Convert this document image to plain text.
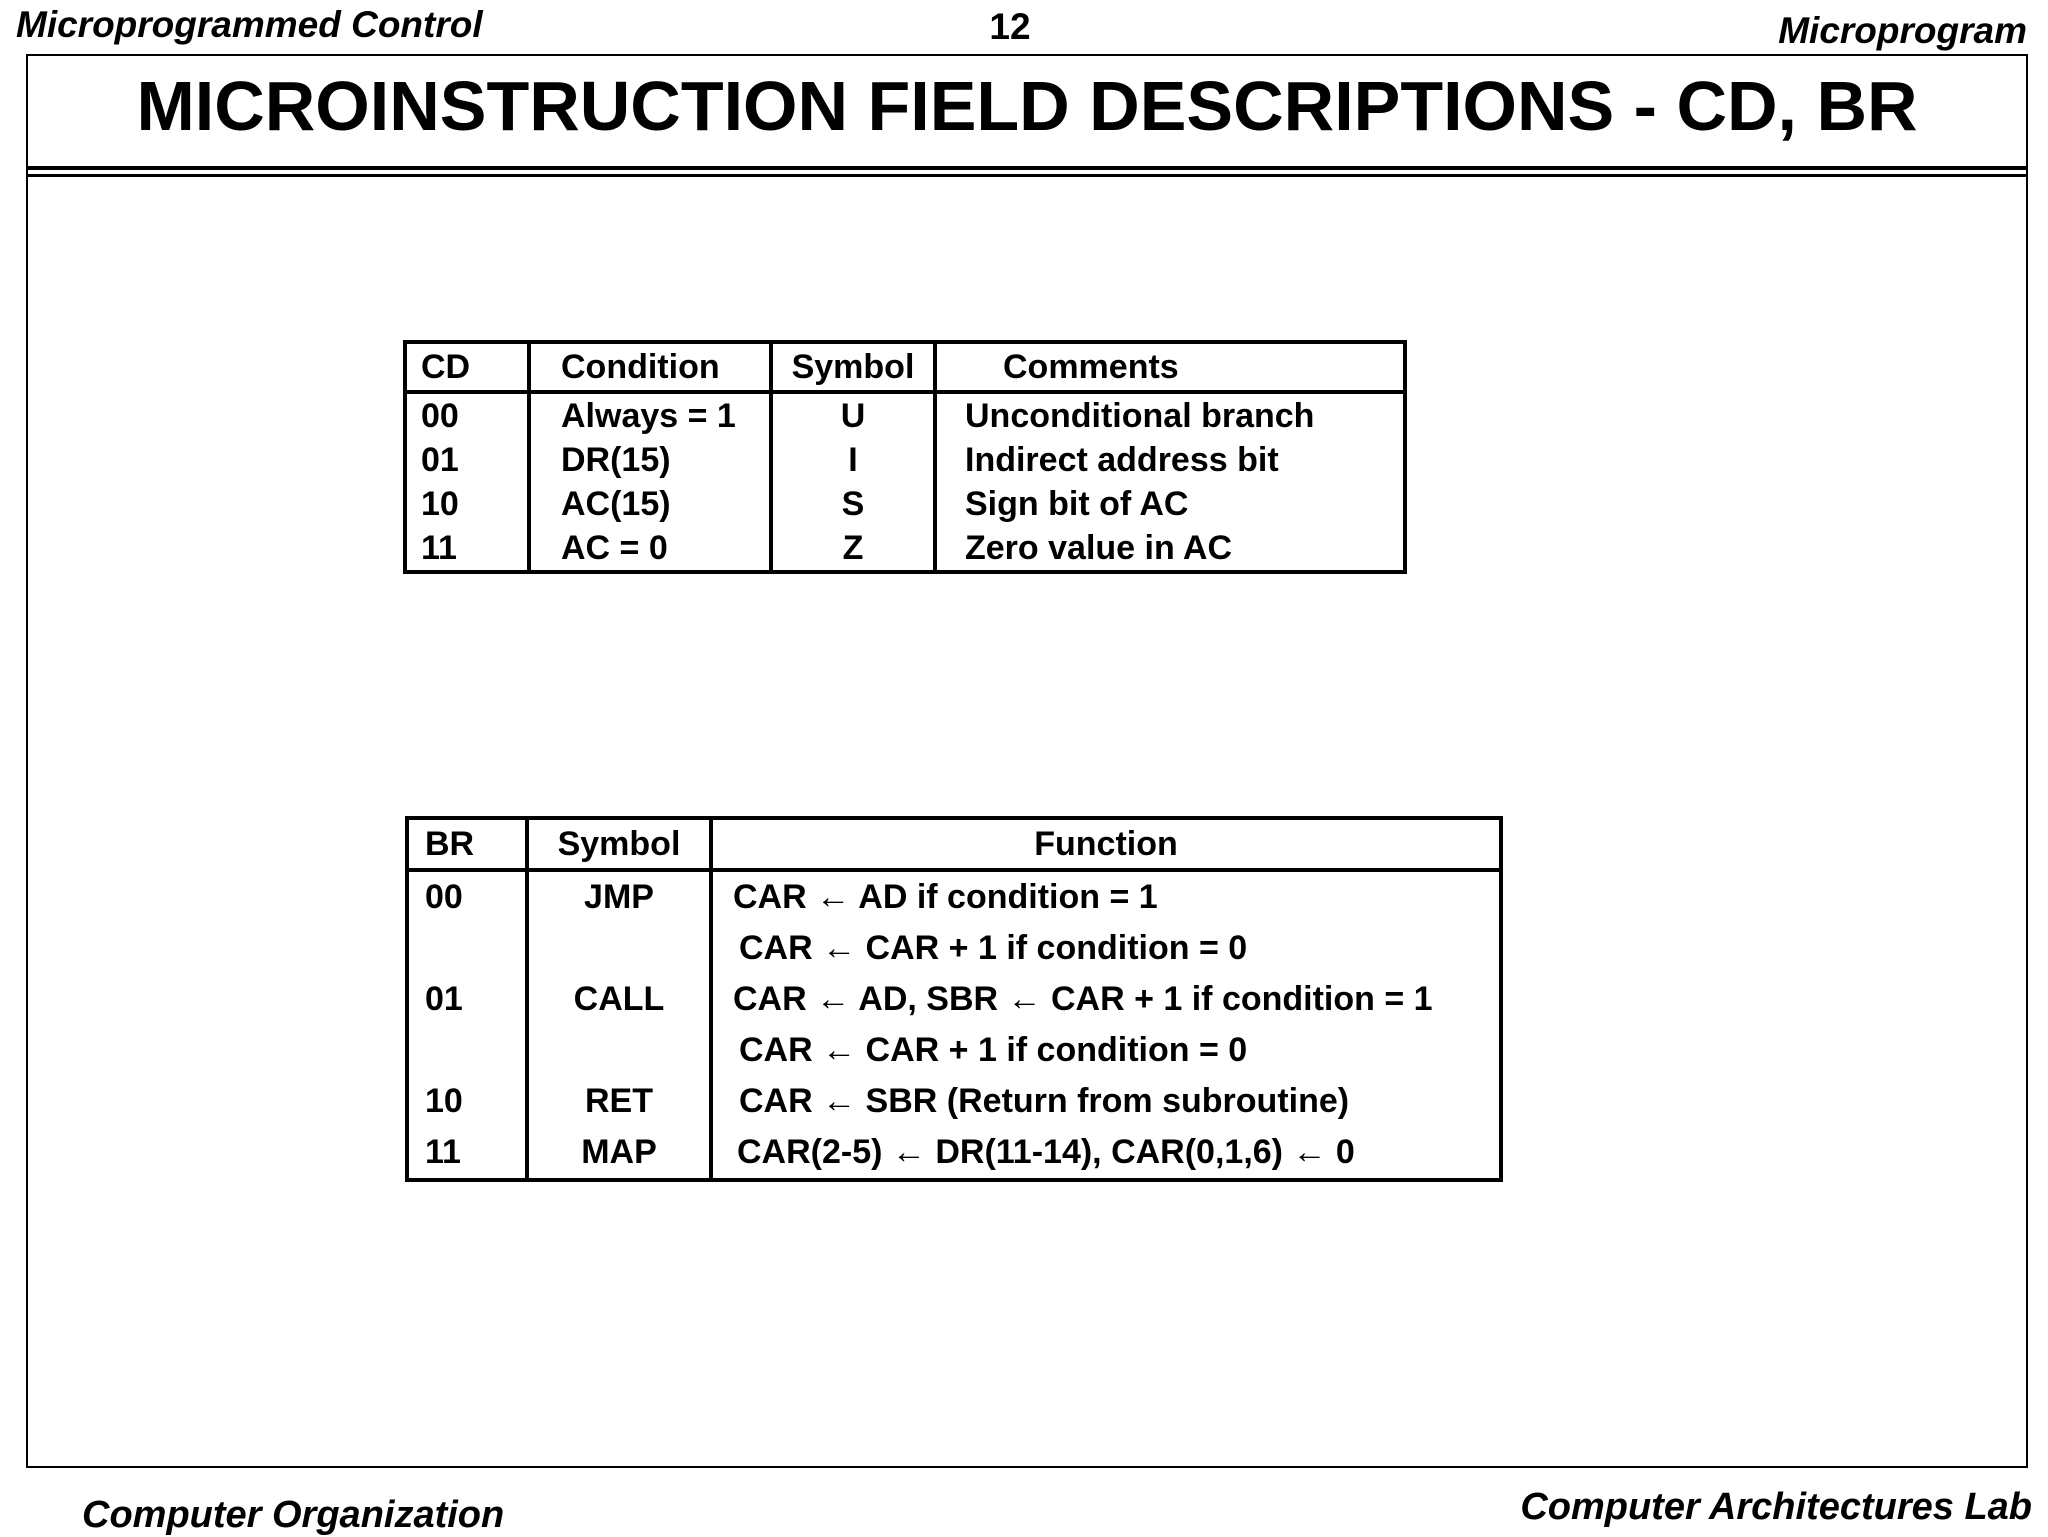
Microprogrammed Control	12	Microprogram
MICROINSTRUCTION FIELD DESCRIPTIONS - CD, BR
CD	Condition	Symbol	Comments
00	Always = 1	U	Unconditional branch
01	DR(15)	I	Indirect address bit
10	AC(15)	S	Sign bit of AC
11	AC = 0	Z	Zero value in AC
BR	Symbol	Function
00	JMP	CAR ← AD if condition = 1
		CAR ← CAR + 1 if condition = 0
01	CALL	CAR ← AD, SBR ← CAR + 1 if condition = 1
		CAR ← CAR + 1 if condition = 0
10	RET	CAR ← SBR (Return from subroutine)
11	MAP	CAR(2-5) ← DR(11-14), CAR(0,1,6) ← 0
Computer Organization	Computer Architectures Lab
